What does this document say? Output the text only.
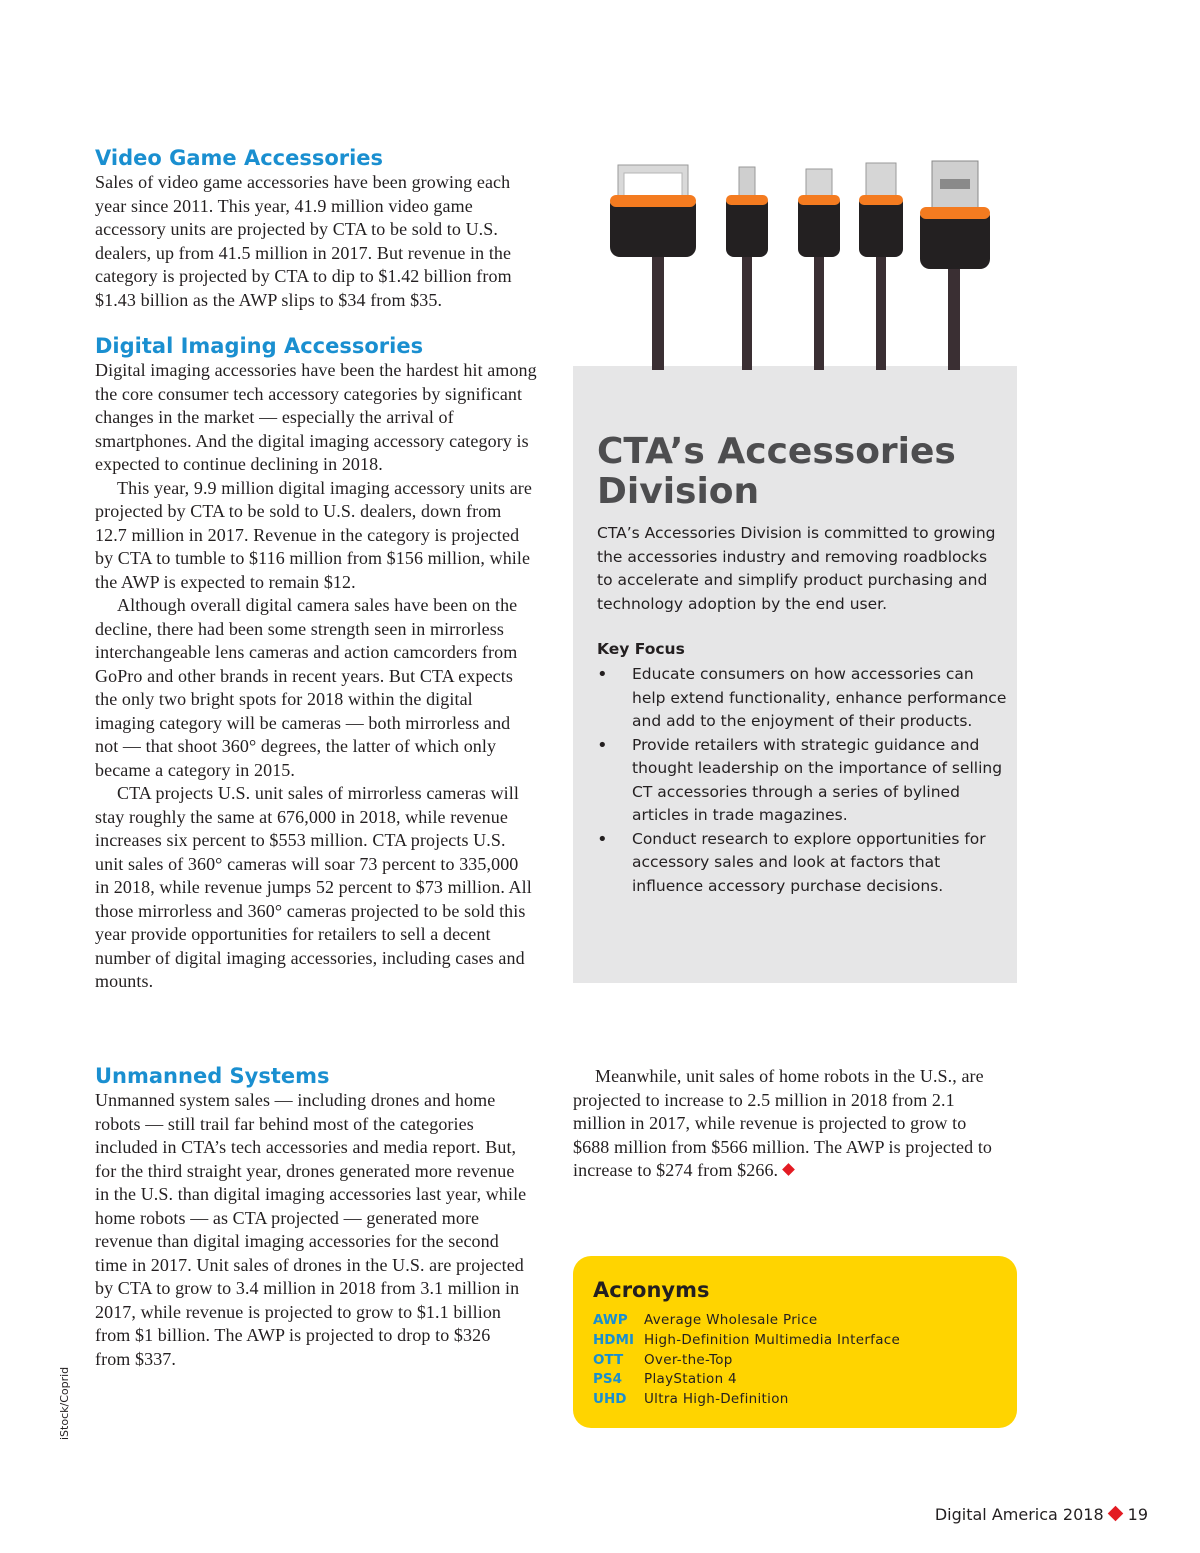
Video Game Accessories

Sales of video game accessories have been growing each year since 2011. This year, 41.9 million video game accessory units are projected by CTA to be sold to U.S. dealers, up from 41.5 million in 2017. But revenue in the category is projected by CTA to dip to $1.42 billion from $1.43 billion as the AWP slips to $34 from $35.

Digital Imaging Accessories

Digital imaging accessories have been the hardest hit among the core consumer tech accessory categories by significant changes in the market — especially the arrival of smartphones. And the digital imaging accessory category is expected to continue declining in 2018.

This year, 9.9 million digital imaging accessory units are projected by CTA to be sold to U.S. dealers, down from 12.7 million in 2017. Revenue in the category is projected by CTA to tumble to $116 million from $156 million, while the AWP is expected to remain $12.

Although overall digital camera sales have been on the decline, there had been some strength seen in mirrorless interchangeable lens cameras and action camcorders from GoPro and other brands in recent years. But CTA expects the only two bright spots for 2018 within the digital imaging category will be cameras — both mirrorless and not — that shoot 360° degrees, the latter of which only became a category in 2015.

CTA projects U.S. unit sales of mirrorless cameras will stay roughly the same at 676,000 in 2018, while revenue increases six percent to $553 million. CTA projects U.S. unit sales of 360° cameras will soar 73 percent to 335,000 in 2018, while revenue jumps 52 percent to $73 million. All those mirrorless and 360° cameras projected to be sold this year provide opportunities for retailers to sell a decent number of digital imaging accessories, including cases and mounts.

Unmanned Systems

Unmanned system sales — including drones and home robots — still trail far behind most of the categories included in CTA’s tech accessories and media report. But, for the third straight year, drones generated more revenue in the U.S. than digital imaging accessories last year, while home robots — as CTA projected — generated more revenue than digital imaging accessories for the second time in 2017. Unit sales of drones in the U.S. are projected by CTA to grow to 3.4 million in 2018 from 3.1 million in 2017, while revenue is projected to grow to $1.1 billion from $1 billion. The AWP is projected to drop to $326 from $337.

CTA’s Accessories Division

CTA’s Accessories Division is committed to growing the accessories industry and removing roadblocks to accelerate and simplify product purchasing and technology adoption by the end user.

Key Focus
• Educate consumers on how accessories can help extend functionality, enhance performance and add to the enjoyment of their products.
• Provide retailers with strategic guidance and thought leadership on the importance of selling CT accessories through a series of bylined articles in trade magazines.
• Conduct research to explore opportunities for accessory sales and look at factors that influence accessory purchase decisions.

Meanwhile, unit sales of home robots in the U.S., are projected to increase to 2.5 million in 2018 from 2.1 million in 2017, while revenue is projected to grow to $688 million from $566 million. The AWP is projected to increase to $274 from $266.

Acronyms
AWP Average Wholesale Price
HDMI High-Definition Multimedia Interface
OTT Over-the-Top
PS4 PlayStation 4
UHD Ultra High-Definition
iStock/Coprid
Digital America 2018 19
